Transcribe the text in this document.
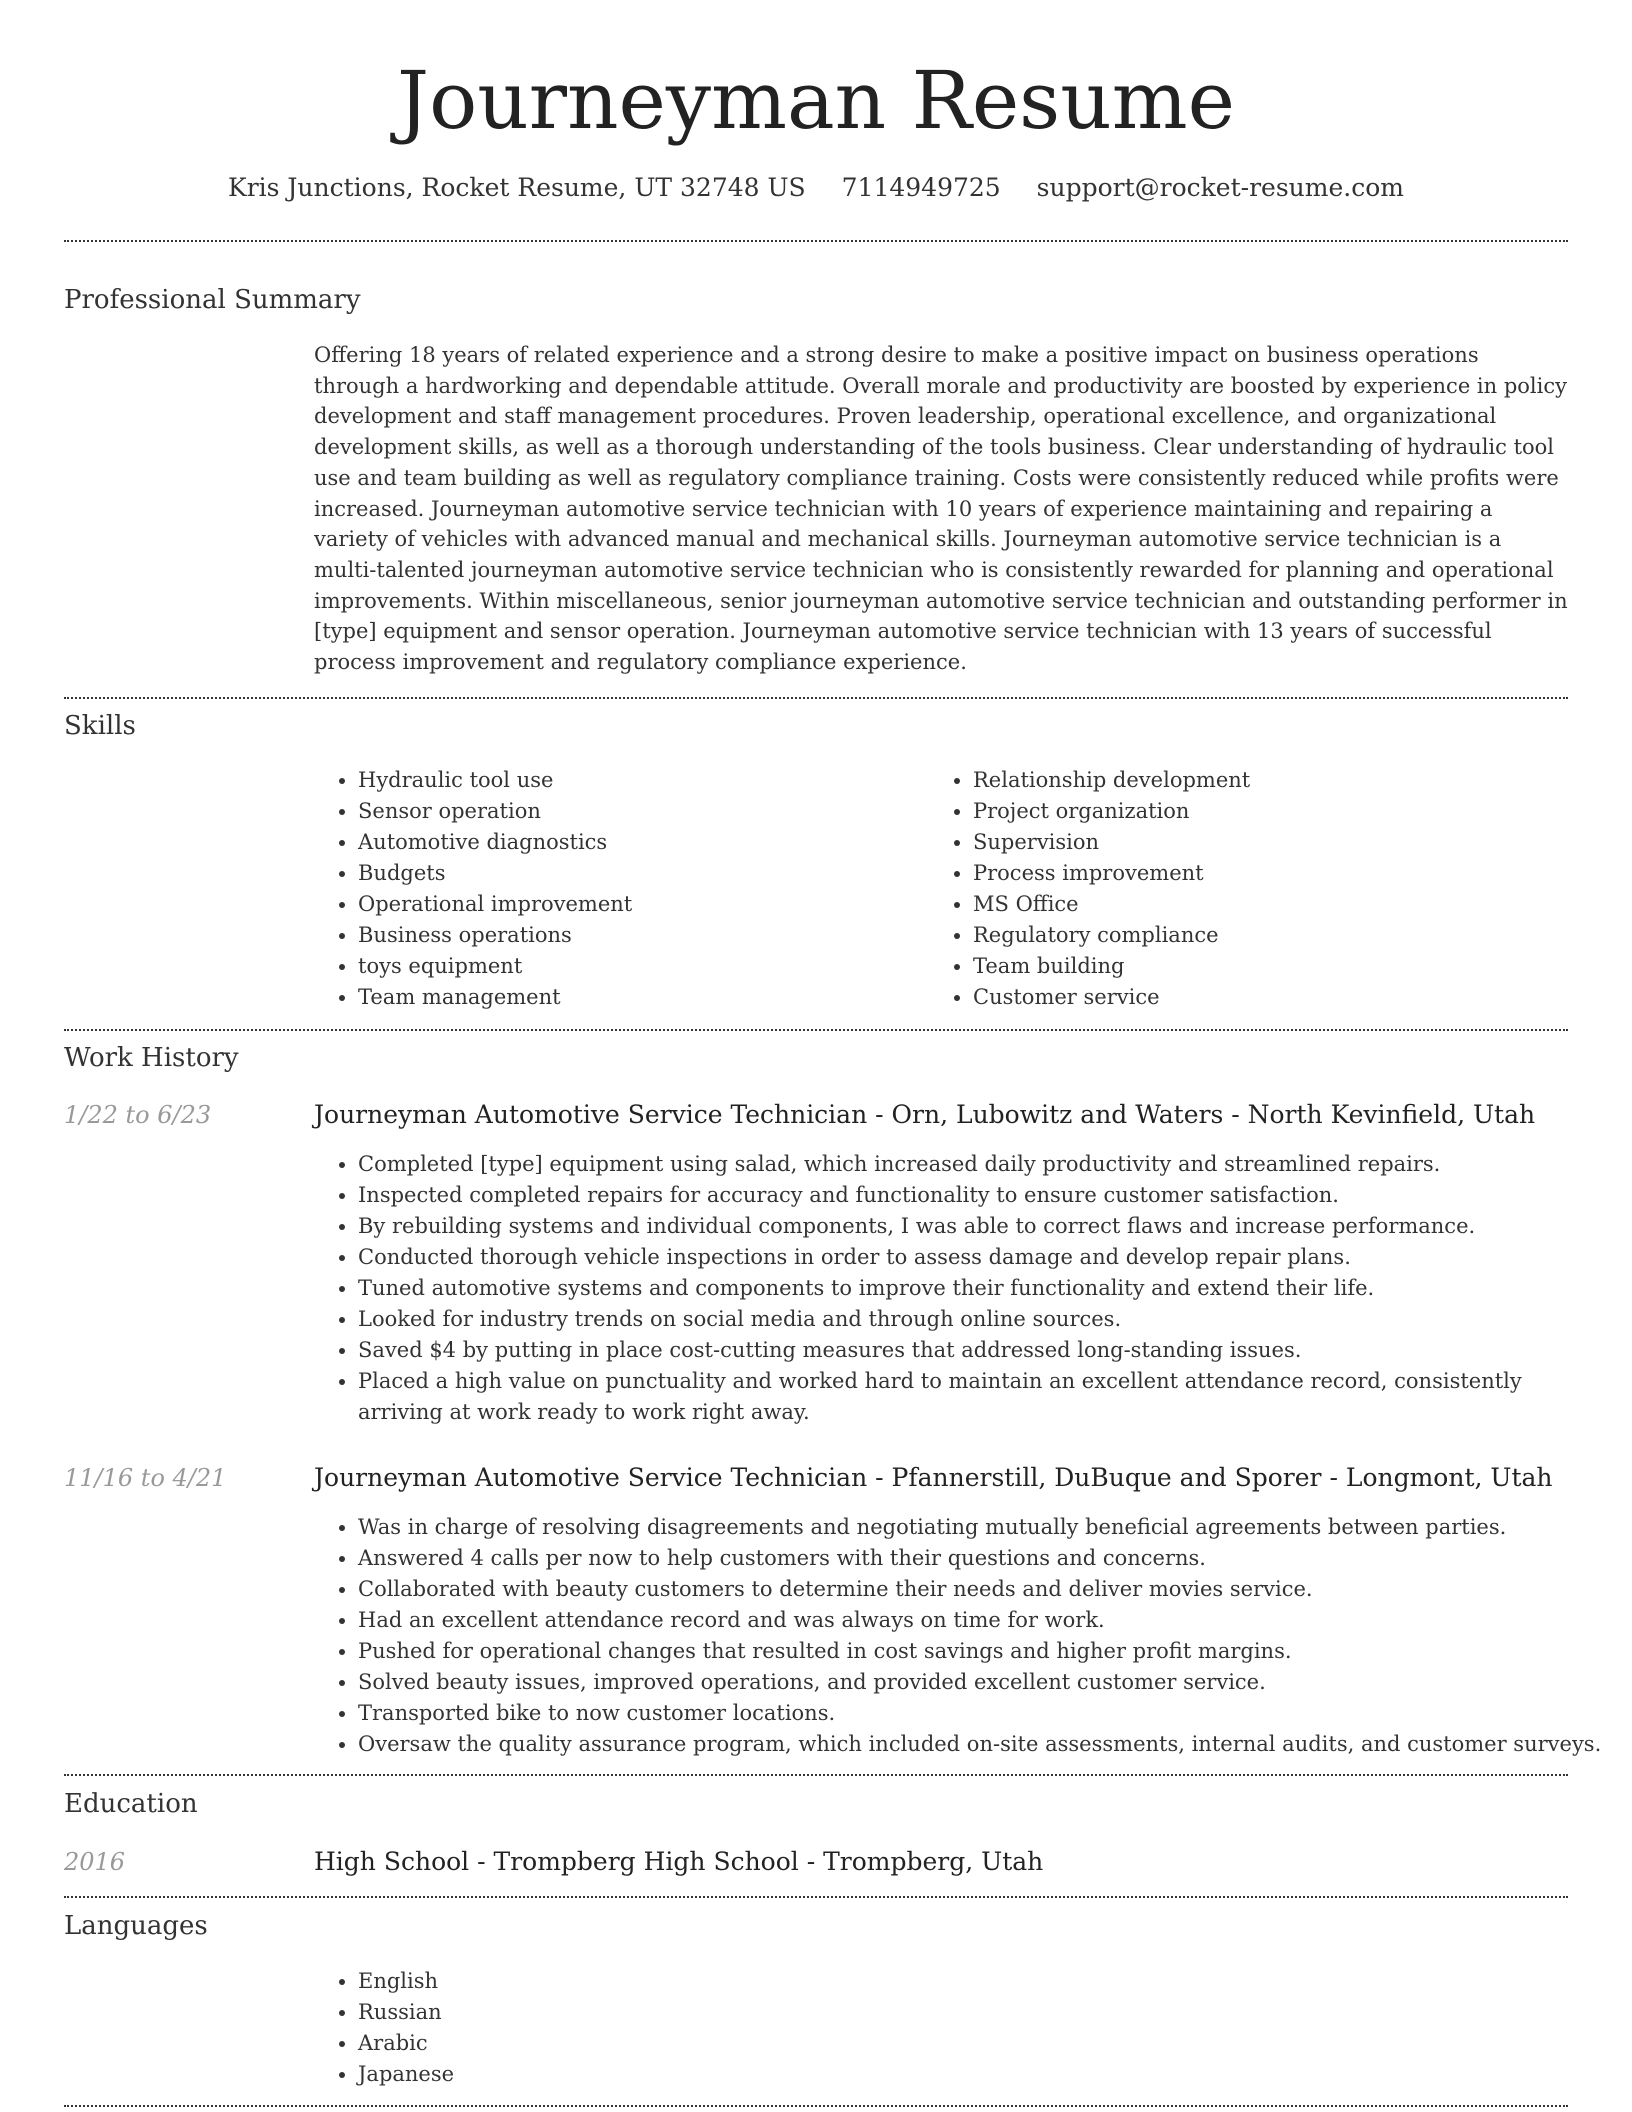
Journeyman Resume
Kris Junctions, Rocket Resume, UT 32748 US 7114949725 support@rocket-resume.com
Professional Summary
Offering 18 years of related experience and a strong desire to make a positive impact on business operations through a hardworking and dependable attitude. Overall morale and productivity are boosted by experience in policy development and staff management procedures. Proven leadership, operational excellence, and organizational development skills, as well as a thorough understanding of the tools business. Clear understanding of hydraulic tool use and team building as well as regulatory compliance training. Costs were consistently reduced while profits were increased. Journeyman automotive service technician with 10 years of experience maintaining and repairing a variety of vehicles with advanced manual and mechanical skills. Journeyman automotive service technician is a multi-talented journeyman automotive service technician who is consistently rewarded for planning and operational improvements. Within miscellaneous, senior journeyman automotive service technician and outstanding performer in [type] equipment and sensor operation. Journeyman automotive service technician with 13 years of successful process improvement and regulatory compliance experience.
Skills
• Hydraulic tool use
• Sensor operation
• Automotive diagnostics
• Budgets
• Operational improvement
• Business operations
• toys equipment
• Team management
• Relationship development
• Project organization
• Supervision
• Process improvement
• MS Office
• Regulatory compliance
• Team building
• Customer service
Work History
1/22 to 6/23	Journeyman Automotive Service Technician - Orn, Lubowitz and Waters - North Kevinfield, Utah
• Completed [type] equipment using salad, which increased daily productivity and streamlined repairs.
• Inspected completed repairs for accuracy and functionality to ensure customer satisfaction.
• By rebuilding systems and individual components, I was able to correct flaws and increase performance.
• Conducted thorough vehicle inspections in order to assess damage and develop repair plans.
• Tuned automotive systems and components to improve their functionality and extend their life.
• Looked for industry trends on social media and through online sources.
• Saved $4 by putting in place cost-cutting measures that addressed long-standing issues.
• Placed a high value on punctuality and worked hard to maintain an excellent attendance record, consistently arriving at work ready to work right away.
11/16 to 4/21	Journeyman Automotive Service Technician - Pfannerstill, DuBuque and Sporer - Longmont, Utah
• Was in charge of resolving disagreements and negotiating mutually beneficial agreements between parties.
• Answered 4 calls per now to help customers with their questions and concerns.
• Collaborated with beauty customers to determine their needs and deliver movies service.
• Had an excellent attendance record and was always on time for work.
• Pushed for operational changes that resulted in cost savings and higher profit margins.
• Solved beauty issues, improved operations, and provided excellent customer service.
• Transported bike to now customer locations.
• Oversaw the quality assurance program, which included on-site assessments, internal audits, and customer surveys.
Education
2016	High School - Trompberg High School - Trompberg, Utah
Languages
• English
• Russian
• Arabic
• Japanese
